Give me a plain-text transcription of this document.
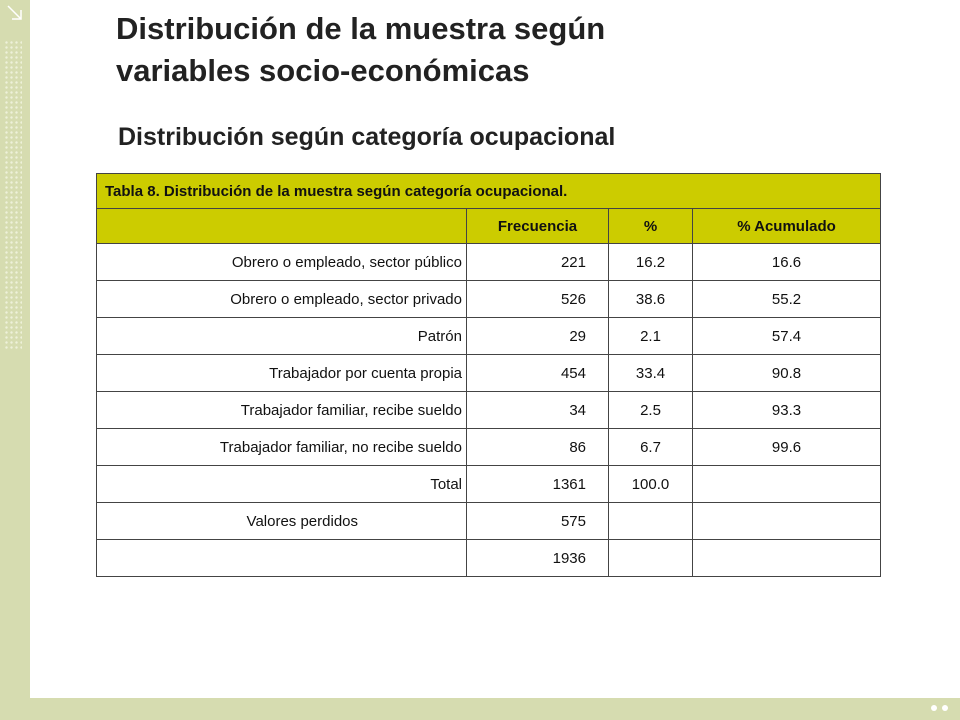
Distribución de la muestra según
variables socio-económicas
Distribución según categoría ocupacional
Tabla 8. Distribución de la muestra según categoría ocupacional.			
	Frecuencia	%	% Acumulado
Obrero o empleado, sector público	221	16.2	16.6
Obrero o empleado, sector privado	526	38.6	55.2
Patrón	29	2.1	57.4
Trabajador por cuenta propia	454	33.4	90.8
Trabajador familiar, recibe sueldo	34	2.5	93.3
Trabajador familiar, no recibe sueldo	86	6.7	99.6
Total	1361	100.0	
Valores perdidos	575		
	1936		
